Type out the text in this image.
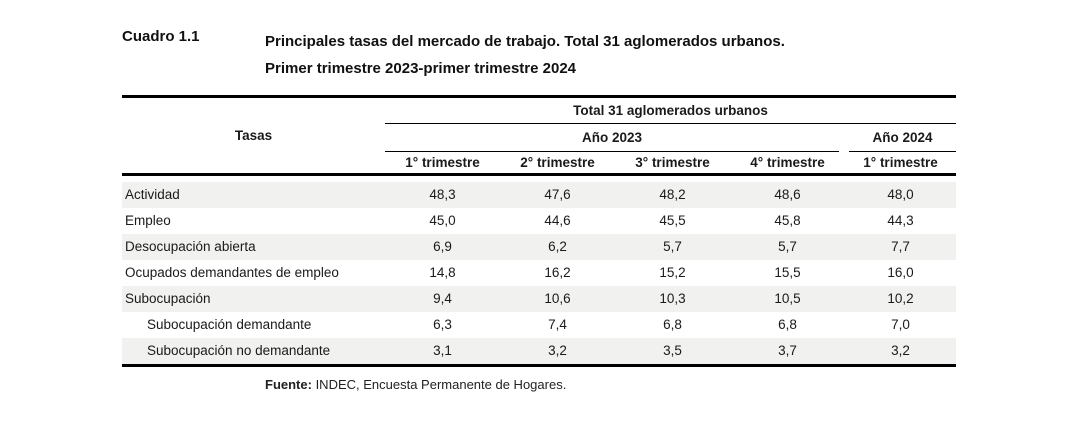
Cuadro 1.1	Principales tasas del mercado de trabajo. Total 31 aglomerados urbanos.
Primer trimestre 2023-primer trimestre 2024
Tasas
Total 31 aglomerados urbanos
Año 2023	Año 2024
1° trimestre	2° trimestre	3° trimestre	4° trimestre	1° trimestre
Actividad	48,3	47,6	48,2	48,6	48,0
Empleo	45,0	44,6	45,5	45,8	44,3
Desocupación abierta	6,9	6,2	5,7	5,7	7,7
Ocupados demandantes de empleo	14,8	16,2	15,2	15,5	16,0
Subocupación	9,4	10,6	10,3	10,5	10,2
Subocupación demandante	6,3	7,4	6,8	6,8	7,0
Subocupación no demandante	3,1	3,2	3,5	3,7	3,2
Fuente: INDEC, Encuesta Permanente de Hogares.
